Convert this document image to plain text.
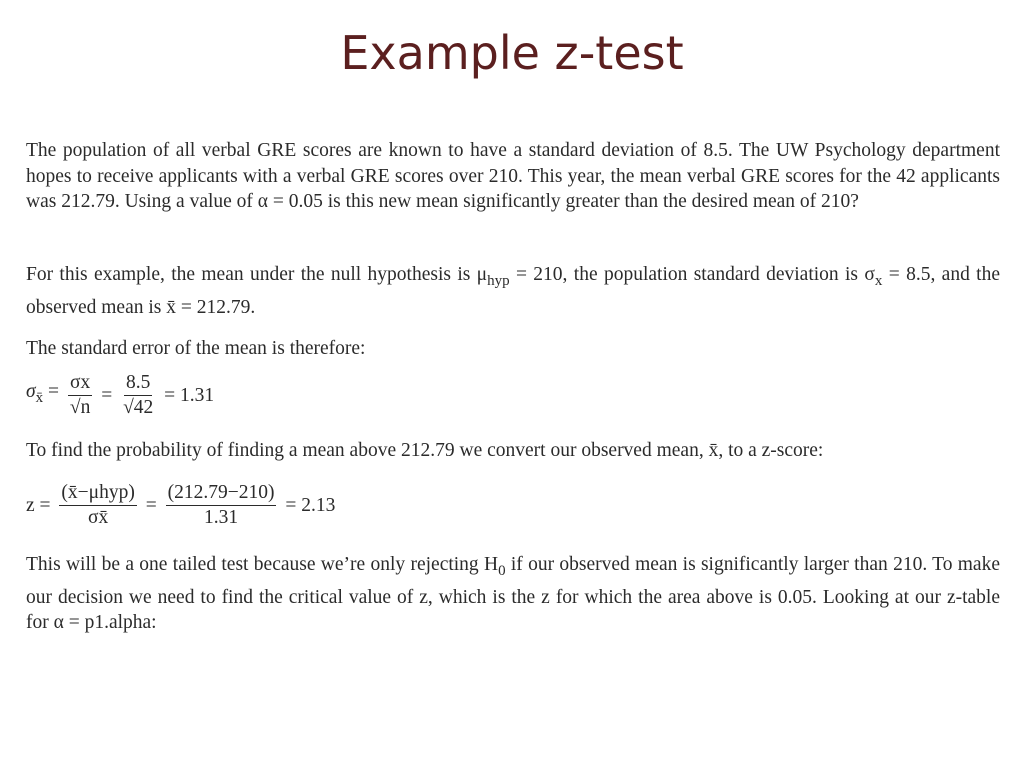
Example z-test

The population of all verbal GRE scores are known to have a standard deviation of 8.5. The UW Psychology department hopes to receive applicants with a verbal GRE scores over 210. This year, the mean verbal GRE scores for the 42 applicants was 212.79. Using a value of α = 0.05 is this new mean significantly greater than the desired mean of 210?

For this example, the mean under the null hypothesis is $\mu_{hyp} = 210$, the population standard deviation is $\sigma_x = 8.5$, and the observed mean is x̄ = 212.79.

The standard error of the mean is therefore:

$\sigma_{x̄} = \frac{\sigma x}{√n} = \frac{8.5}{√42} = 1.31$

To find the probability of finding a mean above 212.79 we convert our observed mean, x̄, to a z-score:

$z = \frac{\text{(x̄−μhyp)}}{\sigma x̄} = \frac{(212.79-210)}{1.31} = 2.13$

This will be a one tailed test because we’re only rejecting $H_0$ if our observed mean is significantly larger than 210. To make our decision we need to find the critical value of z, which is the z for which the area above is 0.05. Looking at our z-table for α = p1.alpha:
